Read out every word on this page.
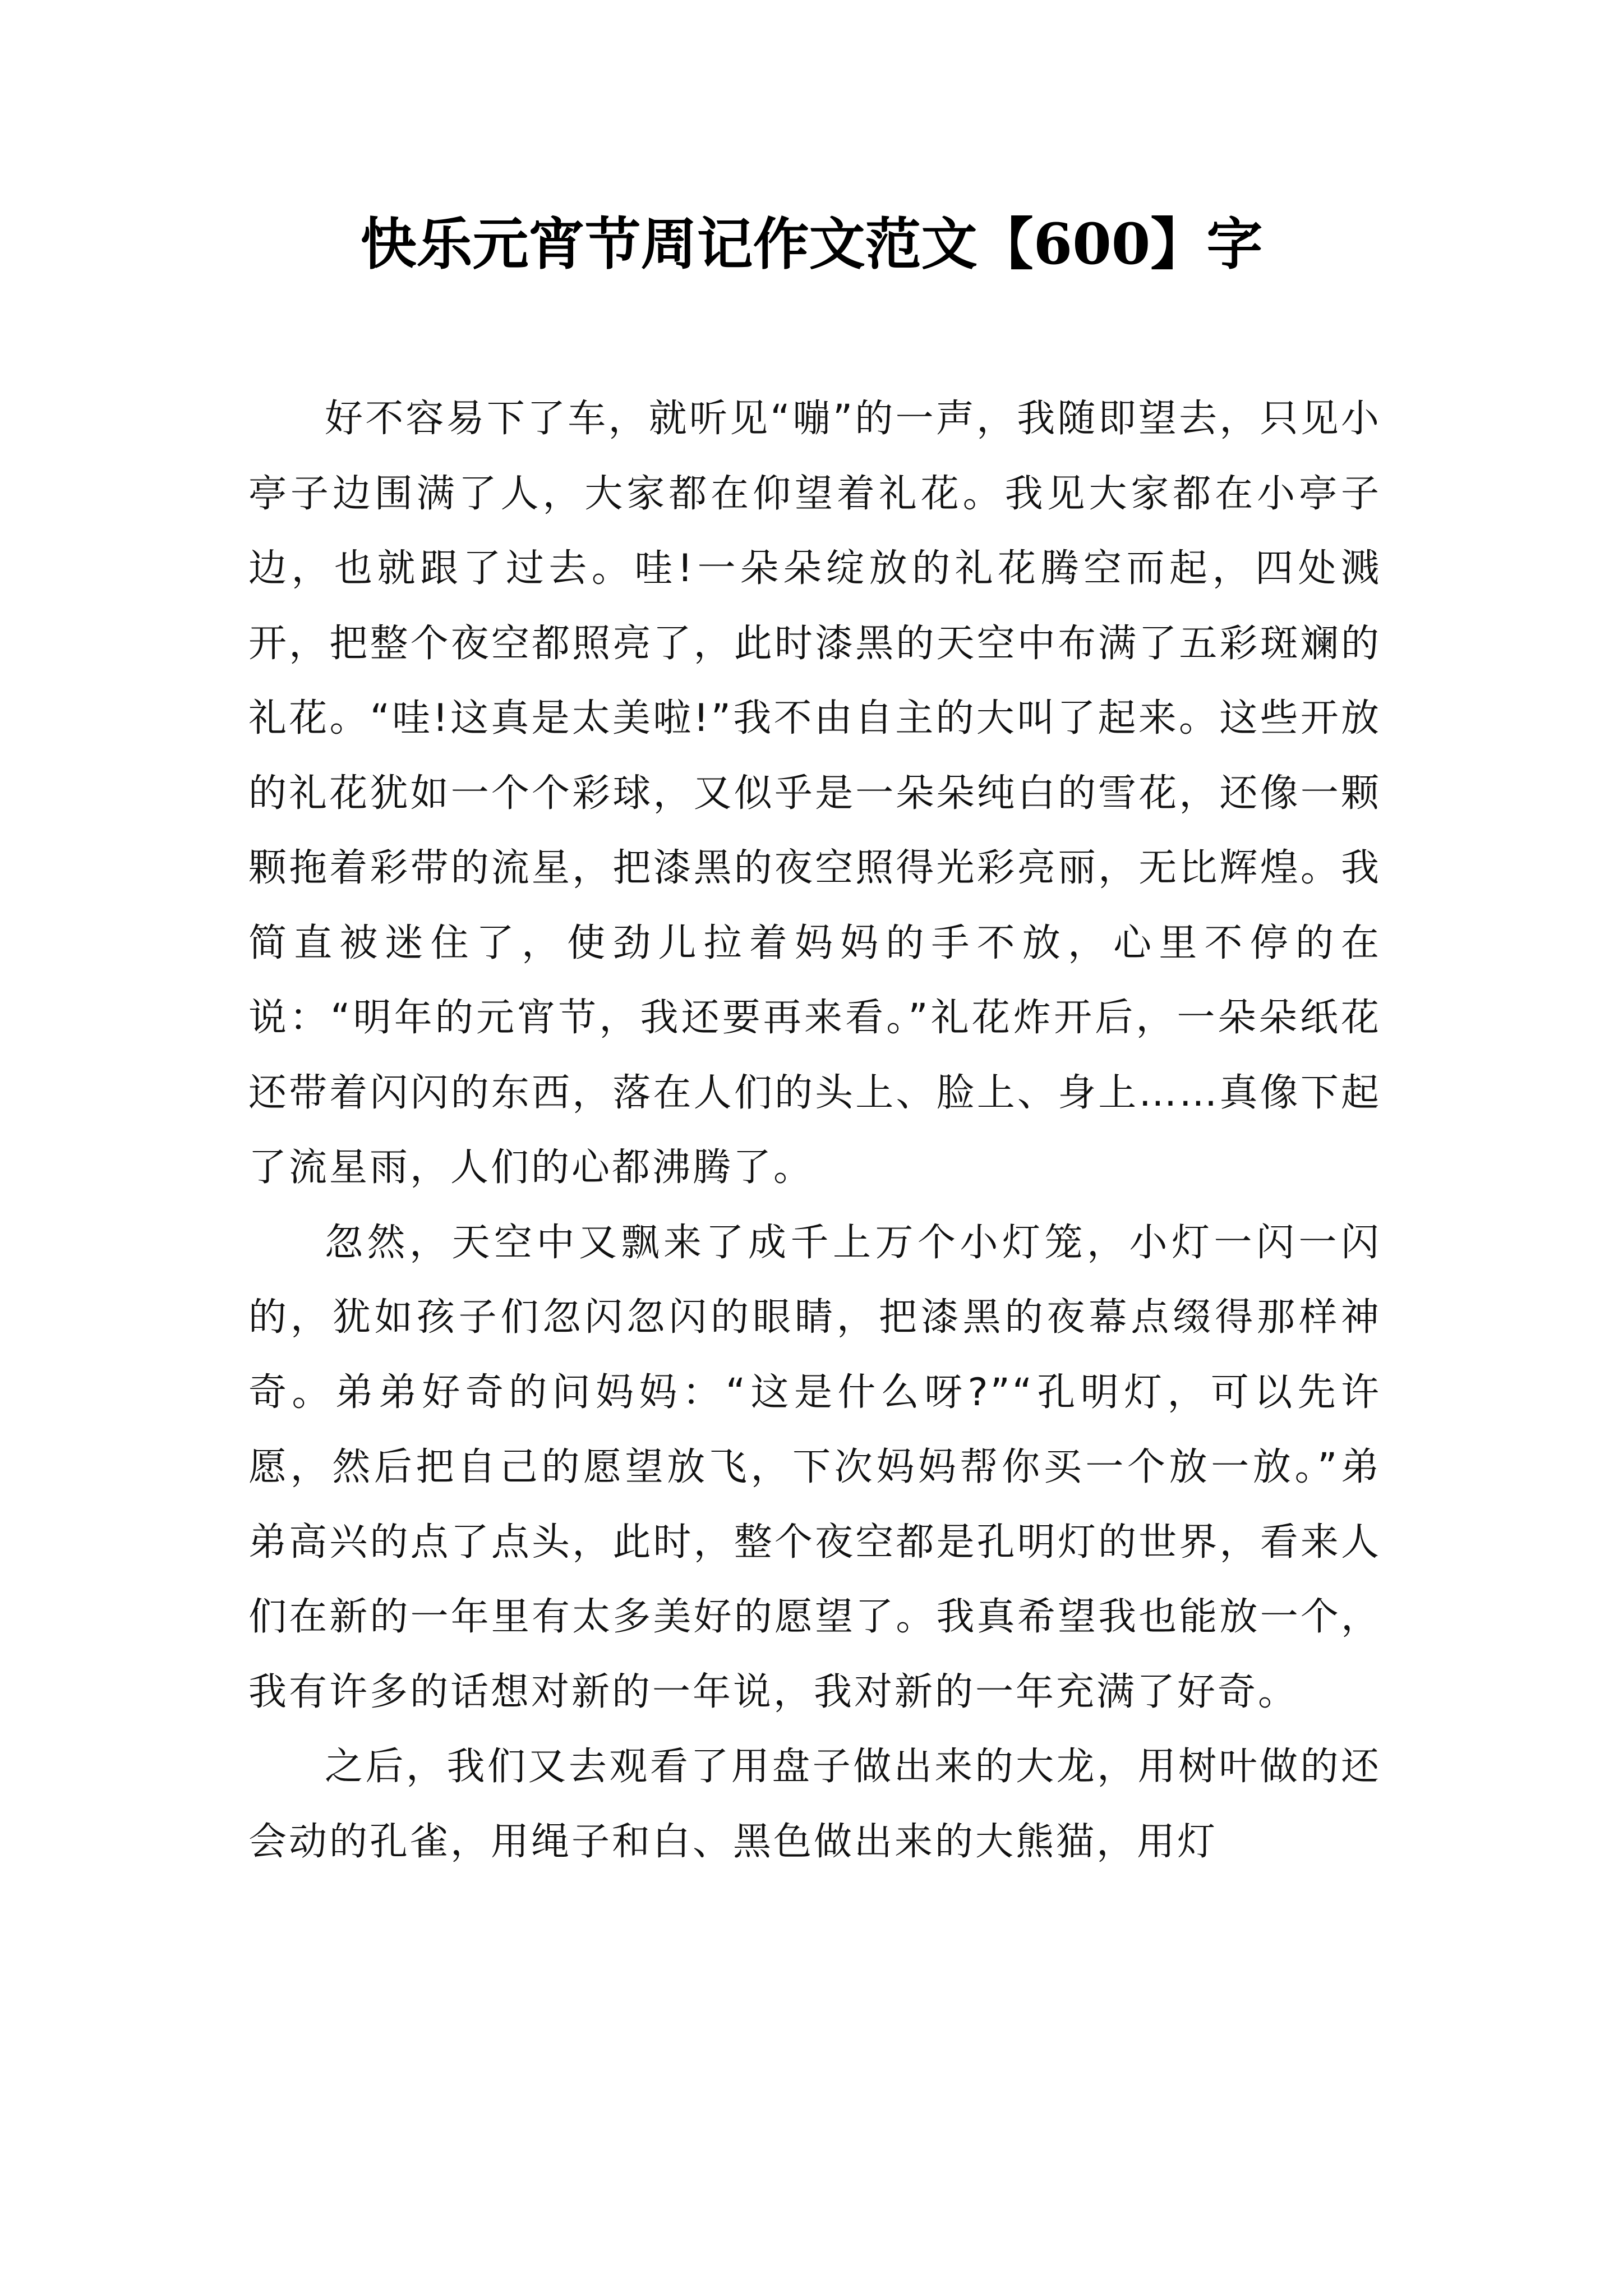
快乐元宵节周记作文范文【600】字

好不容易下了车，就听见“嘣”的一声，我随即望去，只见小亭子边围满了人，大家都在仰望着礼花。我见大家都在小亭子边，也就跟了过去。哇!一朵朵绽放的礼花腾空而起，四处溅开，把整个夜空都照亮了，此时漆黑的天空中布满了五彩斑斓的礼花。“哇!这真是太美啦!”我不由自主的大叫了起来。这些开放的礼花犹如一个个彩球，又似乎是一朵朵纯白的雪花，还像一颗颗拖着彩带的流星，把漆黑的夜空照得光彩亮丽，无比辉煌。我简直被迷住了，使劲儿拉着妈妈的手不放，心里不停的在说：“明年的元宵节，我还要再来看。”礼花炸开后，一朵朵纸花还带着闪闪的东西，落在人们的头上、脸上、身上……真像下起了流星雨，人们的心都沸腾了。

忽然，天空中又飘来了成千上万个小灯笼，小灯一闪一闪的，犹如孩子们忽闪忽闪的眼睛，把漆黑的夜幕点缀得那样神奇。弟弟好奇的问妈妈：“这是什么呀?”“孔明灯，可以先许愿，然后把自己的愿望放飞，下次妈妈帮你买一个放一放。”弟弟高兴的点了点头，此时，整个夜空都是孔明灯的世界，看来人们在新的一年里有太多美好的愿望了。我真希望我也能放一个，我有许多的话想对新的一年说，我对新的一年充满了好奇。

之后，我们又去观看了用盘子做出来的大龙，用树叶做的还会动的孔雀，用绳子和白、黑色做出来的大熊猫，用灯
